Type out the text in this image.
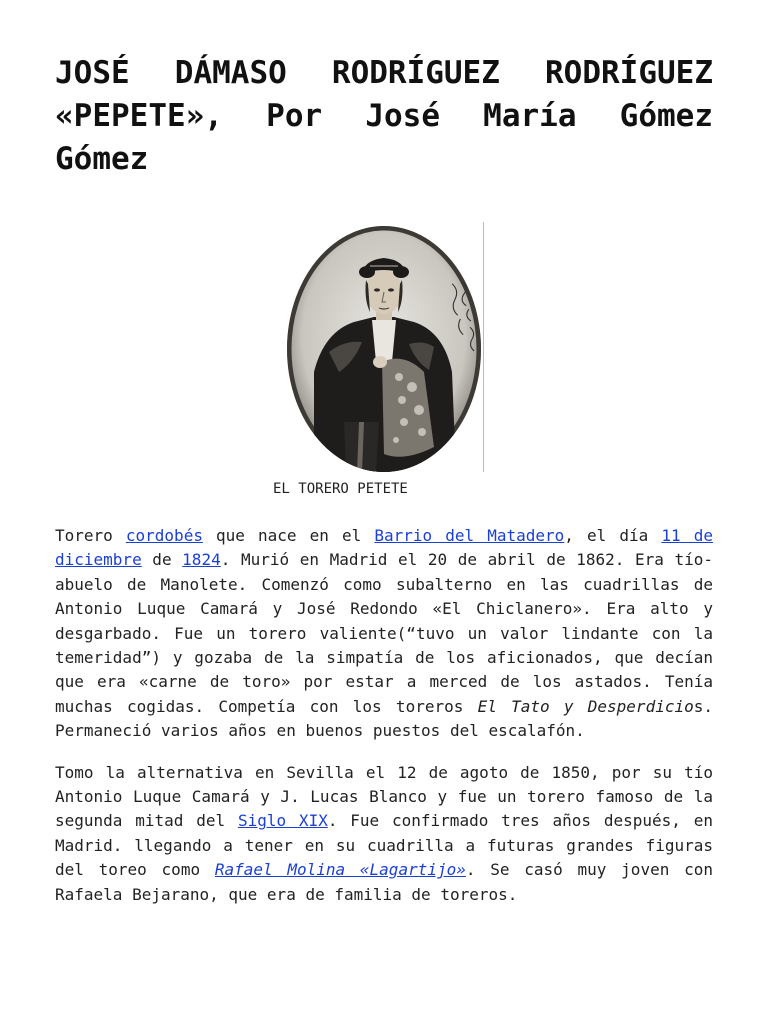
JOSÉ DÁMASO RODRÍGUEZ RODRÍGUEZ «PEPETE», Por José María Gómez Gómez
EL TORERO PETETE

Torero cordobés que nace en el Barrio del Matadero, el día 11 de diciembre de 1824. Murió en Madrid el 20 de abril de 1862. Era tío-abuelo de Manolete. Comenzó como subalterno en las cuadrillas de Antonio Luque Camará y José Redondo «El Chiclanero». Era alto y desgarbado. Fue un torero valiente(“tuvo un valor lindante con la temeridad”) y gozaba de la simpatía de los aficionados, que decían que era «carne de toro» por estar a merced de los astados. Tenía muchas cogidas. Competía con los toreros El Tato y Desperdicios. Permaneció varios años en buenos puestos del escalafón.

Tomo la alternativa en Sevilla el 12 de agoto de 1850, por su tío Antonio Luque Camará y J. Lucas Blanco y fue un torero famoso de la segunda mitad del Siglo XIX. Fue confirmado tres años después, en Madrid. llegando a tener en su cuadrilla a futuras grandes figuras del toreo como Rafael Molina «Lagartijo». Se casó muy joven con Rafaela Bejarano, que era de familia de toreros.
